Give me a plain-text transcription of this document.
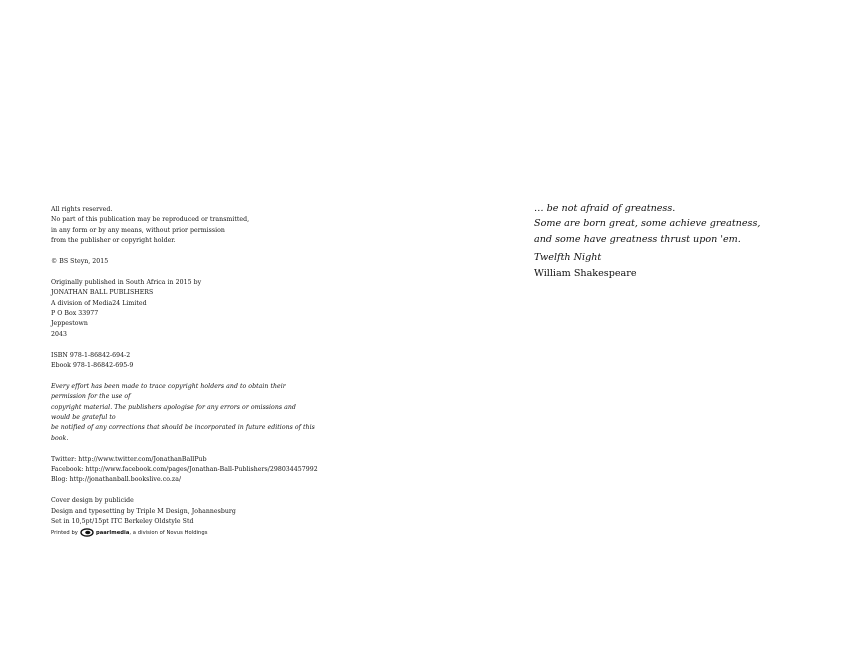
All rights reserved.

No part of this publication may be reproduced or transmitted,

in any form or by any means, without prior permission

from the publisher or copyright holder.

© BS Steyn, 2015

Originally published in South Africa in 2015 by

JONATHAN BALL PUBLISHERS

A division of Media24 Limited

P O Box 33977

Jeppestown

2043

ISBN 978-1-86842-694-2

Ebook 978-1-86842-695-9

Every effort has been made to trace copyright holders and to obtain their permission for the use of

copyright material. The publishers apologise for any errors or omissions and would be grateful to

be notified of any corrections that should be incorporated in future editions of this book.

Twitter: http://www.twitter.com/JonathanBallPub

Facebook: http://www.facebook.com/pages/Jonathan-Ball-Publishers/298034457992

Blog: http://jonathanball.bookslive.co.za/

Cover design by publicide

Design and typesetting by Triple M Design, Johannesburg

Set in 10,5pt/15pt ITC Berkeley Oldstyle Std

Printed by	paarlmedia, a division of Novus Holdings

… be not afraid of greatness.

Some are born great, some achieve greatness,

and some have greatness thrust upon 'em.

Twelfth Night

William Shakespeare
